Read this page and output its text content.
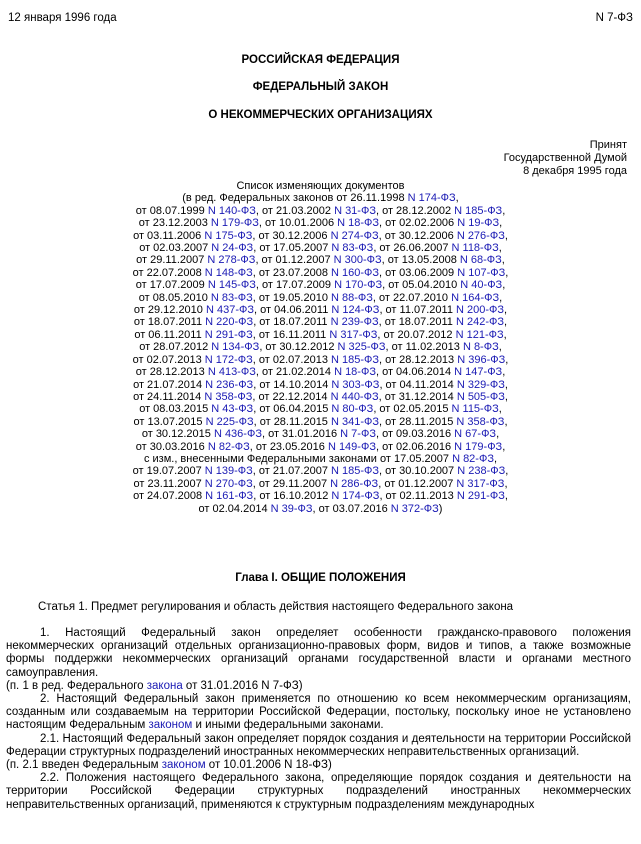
12 января 1996 года	N 7-ФЗ
РОССИЙСКАЯ ФЕДЕРАЦИЯ
ФЕДЕРАЛЬНЫЙ ЗАКОН
О НЕКОММЕРЧЕСКИХ ОРГАНИЗАЦИЯХ
Принят
Государственной Думой
8 декабря 1995 года
Список изменяющих документов
(в ред. Федеральных законов от 26.11.1998 N 174-ФЗ,
от 08.07.1999 N 140-ФЗ, от 21.03.2002 N 31-ФЗ, от 28.12.2002 N 185-ФЗ,
от 23.12.2003 N 179-ФЗ, от 10.01.2006 N 18-ФЗ, от 02.02.2006 N 19-ФЗ,
от 03.11.2006 N 175-ФЗ, от 30.12.2006 N 274-ФЗ, от 30.12.2006 N 276-ФЗ,
от 02.03.2007 N 24-ФЗ, от 17.05.2007 N 83-ФЗ, от 26.06.2007 N 118-ФЗ,
от 29.11.2007 N 278-ФЗ, от 01.12.2007 N 300-ФЗ, от 13.05.2008 N 68-ФЗ,
от 22.07.2008 N 148-ФЗ, от 23.07.2008 N 160-ФЗ, от 03.06.2009 N 107-ФЗ,
от 17.07.2009 N 145-ФЗ, от 17.07.2009 N 170-ФЗ, от 05.04.2010 N 40-ФЗ,
от 08.05.2010 N 83-ФЗ, от 19.05.2010 N 88-ФЗ, от 22.07.2010 N 164-ФЗ,
от 29.12.2010 N 437-ФЗ, от 04.06.2011 N 124-ФЗ, от 11.07.2011 N 200-ФЗ,
от 18.07.2011 N 220-ФЗ, от 18.07.2011 N 239-ФЗ, от 18.07.2011 N 242-ФЗ,
от 06.11.2011 N 291-ФЗ, от 16.11.2011 N 317-ФЗ, от 20.07.2012 N 121-ФЗ,
от 28.07.2012 N 134-ФЗ, от 30.12.2012 N 325-ФЗ, от 11.02.2013 N 8-ФЗ,
от 02.07.2013 N 172-ФЗ, от 02.07.2013 N 185-ФЗ, от 28.12.2013 N 396-ФЗ,
от 28.12.2013 N 413-ФЗ, от 21.02.2014 N 18-ФЗ, от 04.06.2014 N 147-ФЗ,
от 21.07.2014 N 236-ФЗ, от 14.10.2014 N 303-ФЗ, от 04.11.2014 N 329-ФЗ,
от 24.11.2014 N 358-ФЗ, от 22.12.2014 N 440-ФЗ, от 31.12.2014 N 505-ФЗ,
от 08.03.2015 N 43-ФЗ, от 06.04.2015 N 80-ФЗ, от 02.05.2015 N 115-ФЗ,
от 13.07.2015 N 225-ФЗ, от 28.11.2015 N 341-ФЗ, от 28.11.2015 N 358-ФЗ,
от 30.12.2015 N 436-ФЗ, от 31.01.2016 N 7-ФЗ, от 09.03.2016 N 67-ФЗ,
от 30.03.2016 N 82-ФЗ, от 23.05.2016 N 149-ФЗ, от 02.06.2016 N 179-ФЗ,
с изм., внесенными Федеральными законами от 17.05.2007 N 82-ФЗ,
от 19.07.2007 N 139-ФЗ, от 21.07.2007 N 185-ФЗ, от 30.10.2007 N 238-ФЗ,
от 23.11.2007 N 270-ФЗ, от 29.11.2007 N 286-ФЗ, от 01.12.2007 N 317-ФЗ,
от 24.07.2008 N 161-ФЗ, от 16.10.2012 N 174-ФЗ, от 02.11.2013 N 291-ФЗ,
от 02.04.2014 N 39-ФЗ, от 03.07.2016 N 372-ФЗ)
Глава I. ОБЩИЕ ПОЛОЖЕНИЯ
Статья 1. Предмет регулирования и область действия настоящего Федерального закона

1. Настоящий Федеральный закон определяет особенности гражданско-правового положения некоммерческих организаций отдельных организационно-правовых форм, видов и типов, а также возможные формы поддержки некоммерческих организаций органами государственной власти и органами местного самоуправления.

(п. 1 в ред. Федерального закона от 31.01.2016 N 7-ФЗ)

2. Настоящий Федеральный закон применяется по отношению ко всем некоммерческим организациям, созданным или создаваемым на территории Российской Федерации, постольку, поскольку иное не установлено настоящим Федеральным законом и иными федеральными законами.

2.1. Настоящий Федеральный закон определяет порядок создания и деятельности на территории Российской Федерации структурных подразделений иностранных некоммерческих неправительственных организаций.

(п. 2.1 введен Федеральным законом от 10.01.2006 N 18-ФЗ)

2.2. Положения настоящего Федерального закона, определяющие порядок создания и деятельности на территории Российской Федерации структурных подразделений иностранных некоммерческих неправительственных организаций, применяются к структурным подразделениям международных
